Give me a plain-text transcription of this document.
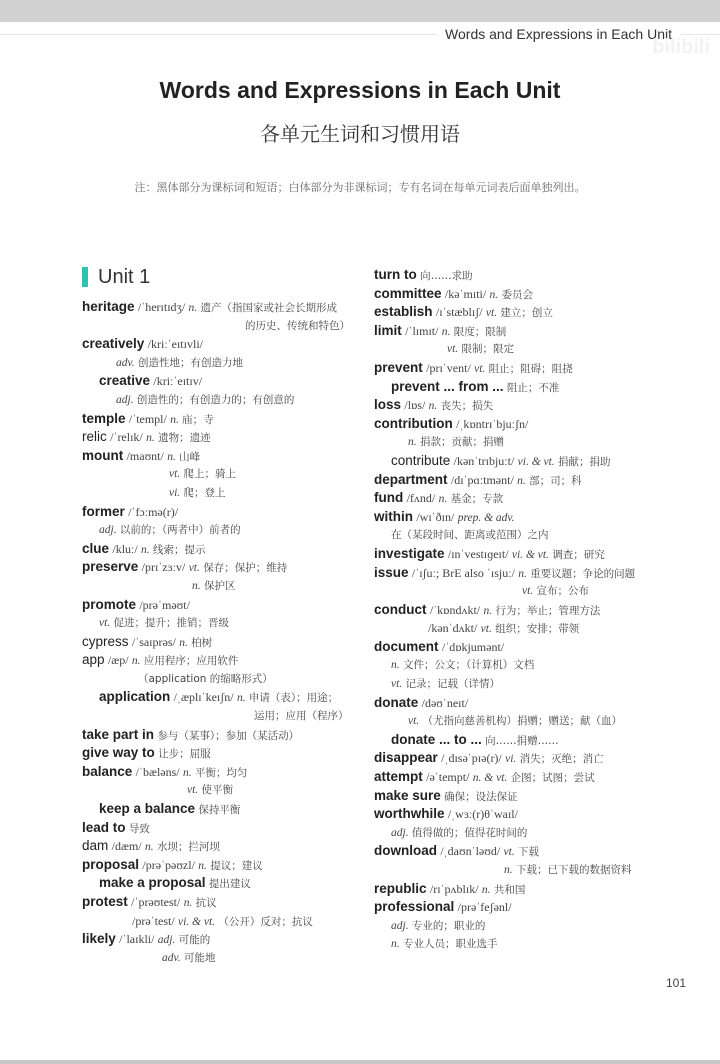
Words and Expressions in Each Unit
bilibili
Words and Expressions in Each Unit
各单元生词和习惯用语
注：黑体部分为课标词和短语；白体部分为非课标词；专有名词在每单元词表后面单独列出。
Unit 1
heritage /ˈherɪtɪdʒ/ n. 遗产（指国家或社会长期形成
的历史、传统和特色）
creatively /kriːˈeɪtɪvli/
adv. 创造性地；有创造力地
creative /kriːˈeɪtɪv/
adj. 创造性的；有创造力的；有创意的
temple /ˈtempl/ n. 庙；寺
relic /ˈrelɪk/ n. 遗物；遗迹
mount /maʊnt/ n. 山峰
vt. 爬上；骑上
vi. 爬；登上
former /ˈfɔːmə(r)/
adj. 以前的；（两者中）前者的
clue /kluː/ n. 线索；提示
preserve /prɪˈzɜːv/ vt. 保存；保护；维持
n. 保护区
promote /prəˈməʊt/
vt. 促进；提升；推销；晋级
cypress /ˈsaɪprəs/ n. 柏树
app /æp/ n. 应用程序；应用软件
（application 的缩略形式）
application /ˌæplɪˈkeɪʃn/ n. 申请（表）；用途；
运用；应用（程序）
take part in 参与（某事）；参加（某活动）
give way to 让步；屈服
balance /ˈbæləns/ n. 平衡；均匀
vt. 使平衡
keep a balance 保持平衡
lead to 导致
dam /dæm/ n. 水坝；拦河坝
proposal /prəˈpəʊzl/ n. 提议；建议
make a proposal 提出建议
protest /ˈprəʊtest/ n. 抗议
/prəˈtest/ vi. & vt. （公开）反对；抗议
likely /ˈlaɪkli/ adj. 可能的
adv. 可能地
turn to 向……求助
committee /kəˈmɪti/ n. 委员会
establish /ɪˈstæblɪʃ/ vt. 建立；创立
limit /ˈlɪmɪt/ n. 限度；限制
vt. 限制；限定
prevent /prɪˈvent/ vt. 阻止；阻碍；阻挠
prevent ... from ... 阻止；不准
loss /lɒs/ n. 丧失；损失
contribution /ˌkɒntrɪˈbjuːʃn/
n. 捐款；贡献；捐赠
contribute /kənˈtrɪbjuːt/ vi. & vt. 捐献；捐助
department /dɪˈpɑːtmənt/ n. 部；司；科
fund /fʌnd/ n. 基金；专款
within /wɪˈðɪn/ prep. & adv.
在（某段时间、距离或范围）之内
investigate /ɪnˈvestɪɡeɪt/ vi. & vt. 调查；研究
issue /ˈɪʃuː; BrE also ˈɪsjuː/ n. 重要议题；争论的问题
vt. 宣布；公布
conduct /ˈkɒndʌkt/ n. 行为；举止；管理方法
/kənˈdʌkt/ vt. 组织；安排；带领
document /ˈdɒkjumənt/
n. 文件；公文；（计算机）文档
vt. 记录；记载（详情）
donate /dəʊˈneɪt/
vt. （尤指向慈善机构）捐赠；赠送；献（血）
donate ... to ... 向……捐赠……
disappear /ˌdɪsəˈpɪə(r)/ vi. 消失；灭绝；消亡
attempt /əˈtempt/ n. & vt. 企图；试图；尝试
make sure 确保；设法保证
worthwhile /ˌwɜː(r)θˈwaɪl/
adj. 值得做的；值得花时间的
download /ˌdaʊnˈləʊd/ vt. 下载
n. 下载；已下载的数据资料
republic /rɪˈpʌblɪk/ n. 共和国
professional /prəˈfeʃənl/
adj. 专业的；职业的
n. 专业人员；职业选手
101
